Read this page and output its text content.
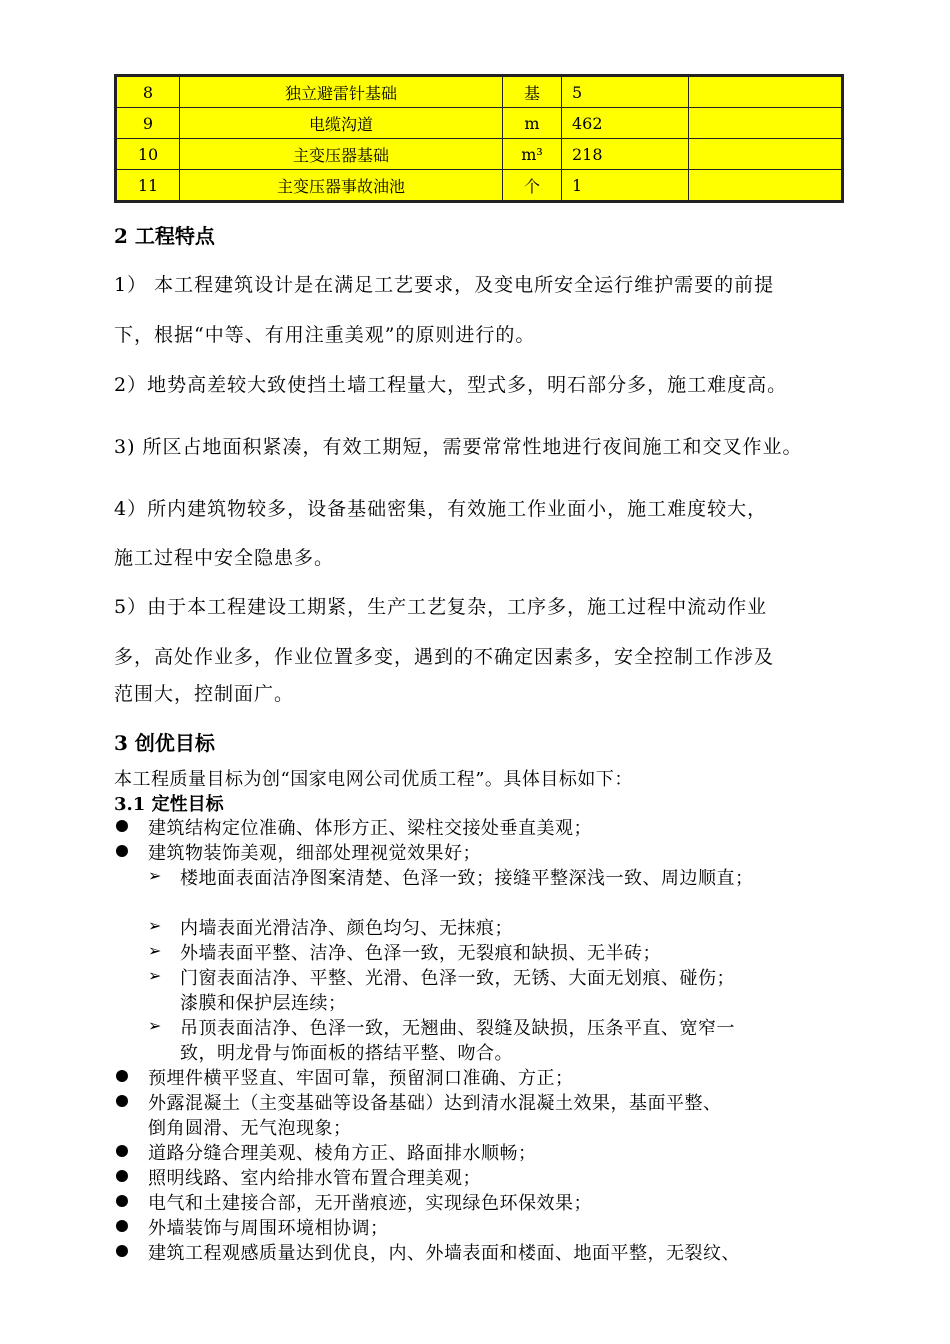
8	独立避雷针基础	基	5	
9	电缆沟道	m	462	
10	主变压器基础	m³	218	
11	主变压器事故油池	个	1	
2 工程特点
1） 本工程建筑设计是在满足工艺要求，及变电所安全运行维护需要的前提
下，根据“中等、有用注重美观”的原则进行的。
2）地势高差较大致使挡土墙工程量大，型式多，明石部分多，施工难度高。
3) 所区占地面积紧凑，有效工期短，需要常常性地进行夜间施工和交叉作业。
4）所内建筑物较多，设备基础密集，有效施工作业面小，施工难度较大，
施工过程中安全隐患多。
5）由于本工程建设工期紧，生产工艺复杂，工序多，施工过程中流动作业
多，高处作业多，作业位置多变，遇到的不确定因素多，安全控制工作涉及
范围大，控制面广。
3 创优目标
本工程质量目标为创“国家电网公司优质工程”。具体目标如下：
3.1 定性目标
建筑结构定位准确、体形方正、梁柱交接处垂直美观；
建筑物装饰美观，细部处理视觉效果好；
➢ 楼地面表面洁净图案清楚、色泽一致；接缝平整深浅一致、周边顺直；
➢ 内墙表面光滑洁净、颜色均匀、无抹痕；
➢ 外墙表面平整、洁净、色泽一致，无裂痕和缺损、无半砖；
➢ 门窗表面洁净、平整、光滑、色泽一致，无锈、大面无划痕、碰伤；
漆膜和保护层连续；
➢ 吊顶表面洁净、色泽一致，无翘曲、裂缝及缺损，压条平直、宽窄一
致，明龙骨与饰面板的搭结平整、吻合。
预埋件横平竖直、牢固可靠，预留洞口准确、方正；
外露混凝土（主变基础等设备基础）达到清水混凝土效果，基面平整、
倒角圆滑、无气泡现象；
道路分缝合理美观、棱角方正、路面排水顺畅；
照明线路、室内给排水管布置合理美观；
电气和土建接合部，无开凿痕迹，实现绿色环保效果；
外墙装饰与周围环境相协调；
建筑工程观感质量达到优良，内、外墙表面和楼面、地面平整，无裂纹、
